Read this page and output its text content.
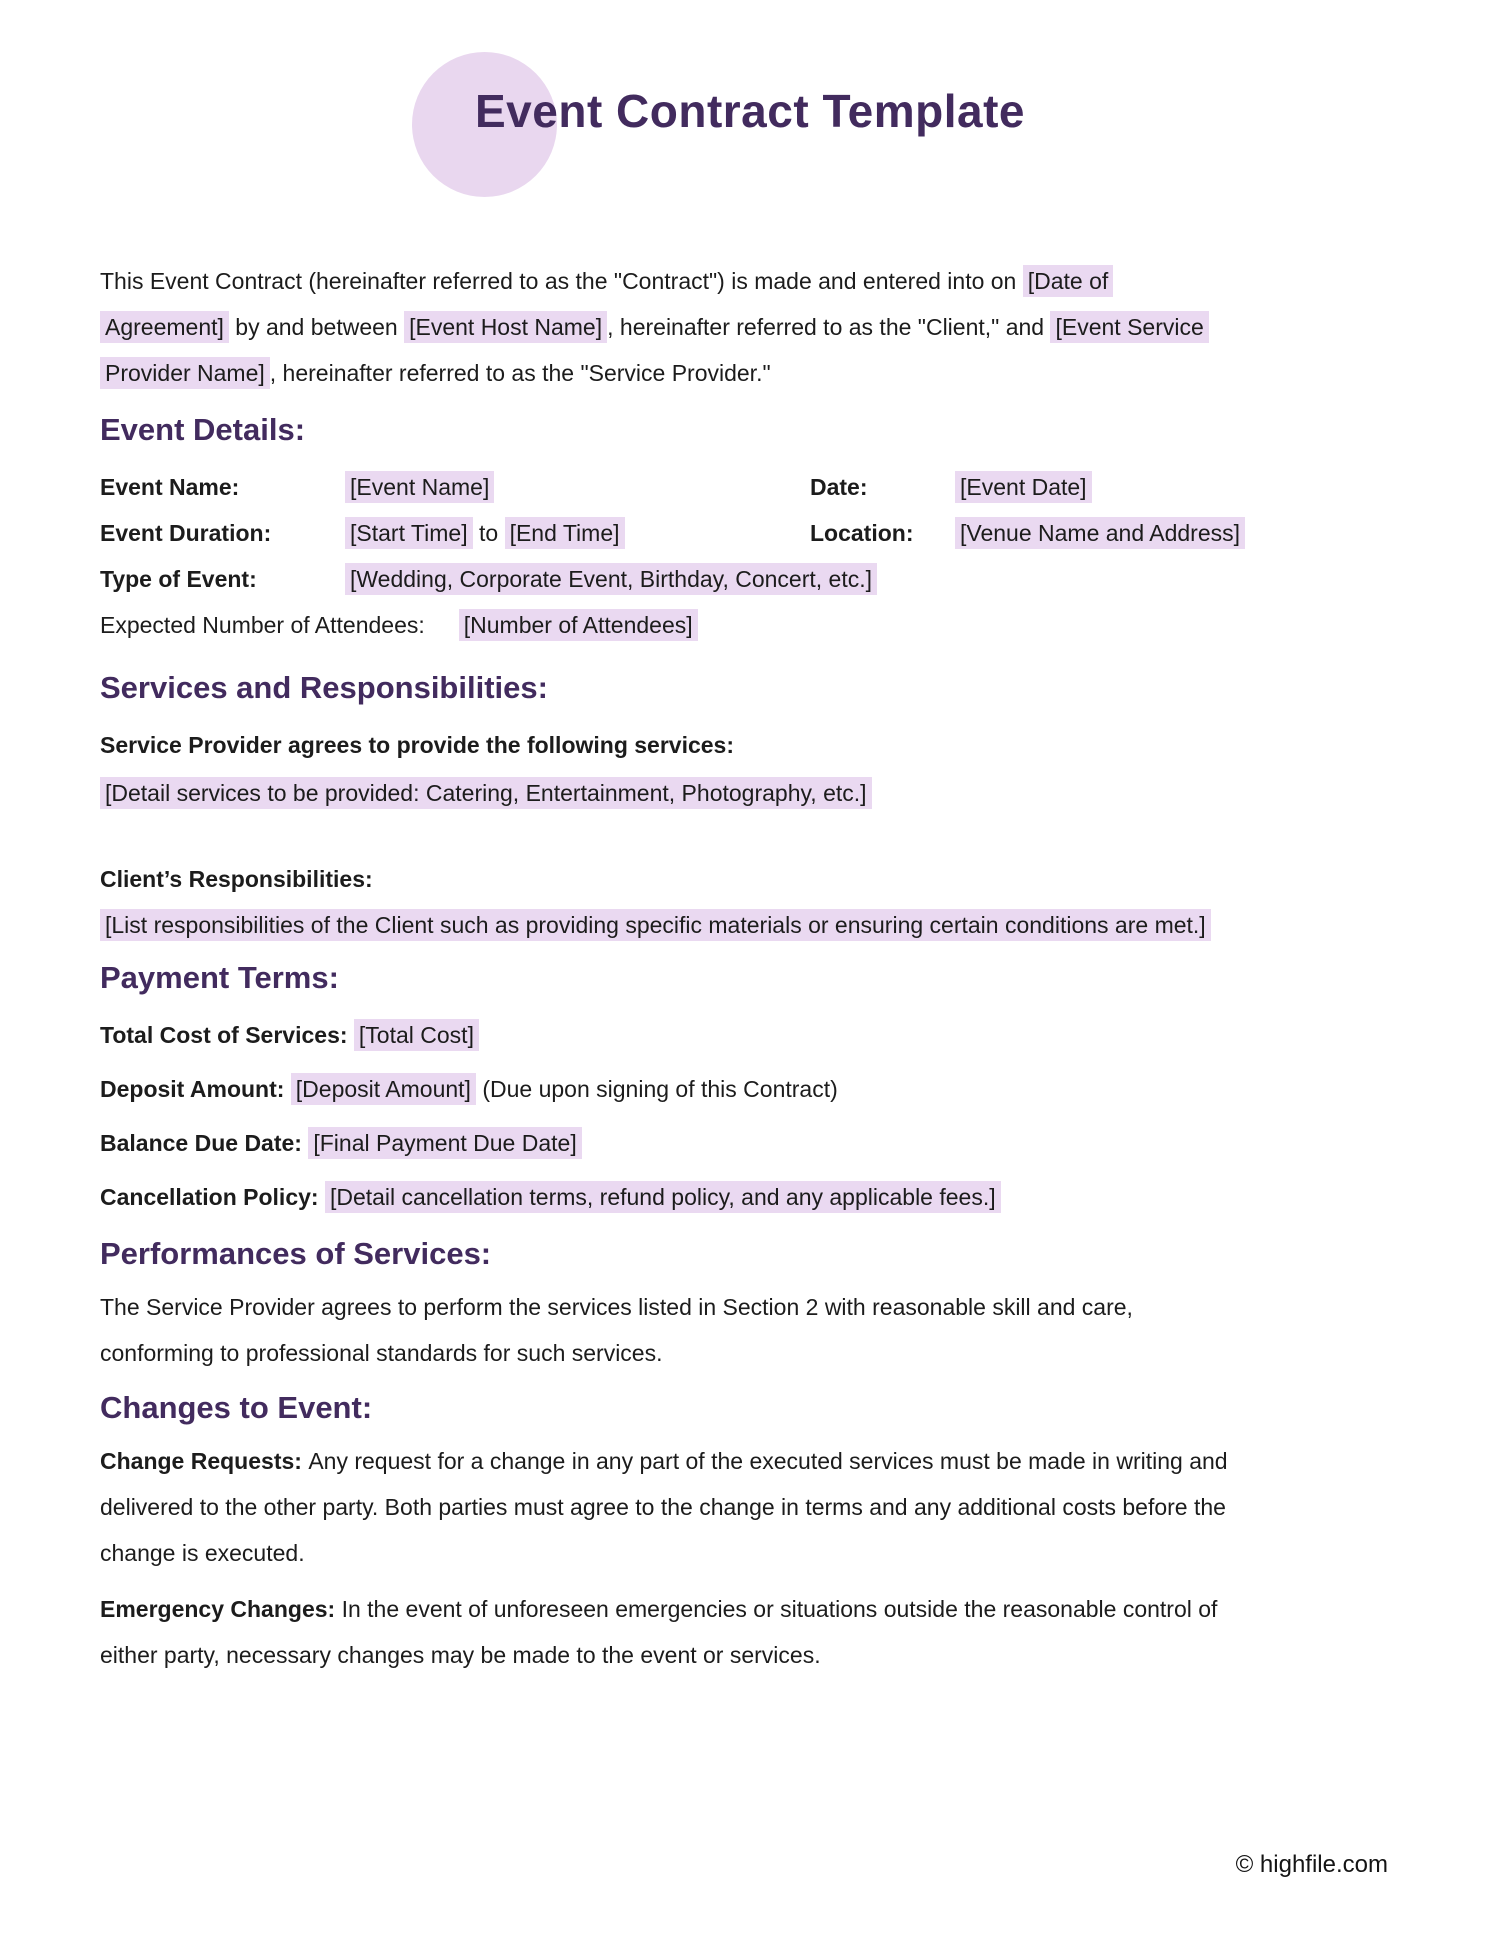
Event Contract Template

This Event Contract (hereinafter referred to as the "Contract") is made and entered into on [Date of Agreement] by and between [Event Host Name] , hereinafter referred to as the "Client," and [Event Service Provider Name] , hereinafter referred to as the "Service Provider."

Event Details:
Event Name:	[Event Name]	Date:	[Event Date]
Event Duration:	[Start Time] to [End Time]	Location:	[Venue Name and Address]
Type of Event:	[Wedding, Corporate Event, Birthday, Concert, etc.]
Expected Number of Attendees: [Number of Attendees]
Services and Responsibilities:

Service Provider agrees to provide the following services:

[Detail services to be provided: Catering, Entertainment, Photography, etc.]

Client’s Responsibilities:

[List responsibilities of the Client such as providing specific materials or ensuring certain conditions are met.]

Payment Terms:

Total Cost of Services: [Total Cost]

Deposit Amount: [Deposit Amount] (Due upon signing of this Contract)

Balance Due Date: [Final Payment Due Date]

Cancellation Policy: [Detail cancellation terms, refund policy, and any applicable fees.]

Performances of Services:

The Service Provider agrees to perform the services listed in Section 2 with reasonable skill and care, conforming to professional standards for such services.

Changes to Event:

Change Requests: Any request for a change in any part of the executed services must be made in writing and delivered to the other party. Both parties must agree to the change in terms and any additional costs before the change is executed.

Emergency Changes: In the event of unforeseen emergencies or situations outside the reasonable control of either party, necessary changes may be made to the event or services.

© highfile.com
